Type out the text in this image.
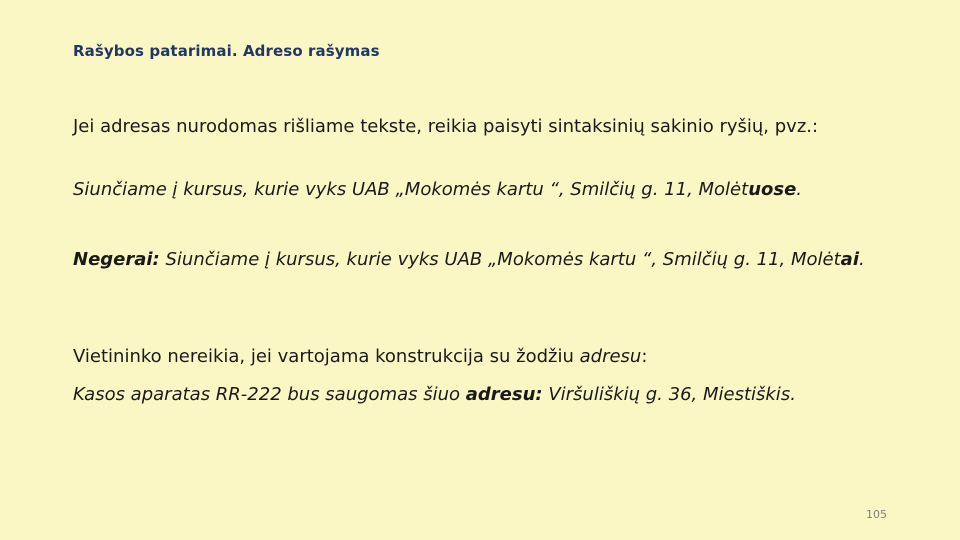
Rašybos patarimai. Adreso rašymas
Jei adresas nurodomas rišliame tekste, reikia paisyti sintaksinių sakinio ryšių, pvz.:
Siunčiame į kursus, kurie vyks UAB „Mokomės kartu “, Smilčių g. 11, Molėtuose.
Negerai: Siunčiame į kursus, kurie vyks UAB „Mokomės kartu “, Smilčių g. 11, Molėtai.
Vietininko nereikia, jei vartojama konstrukcija su žodžiu adresu:
Kasos aparatas RR-222 bus saugomas šiuo adresu: Viršuliškių g. 36, Miestiškis.
105
